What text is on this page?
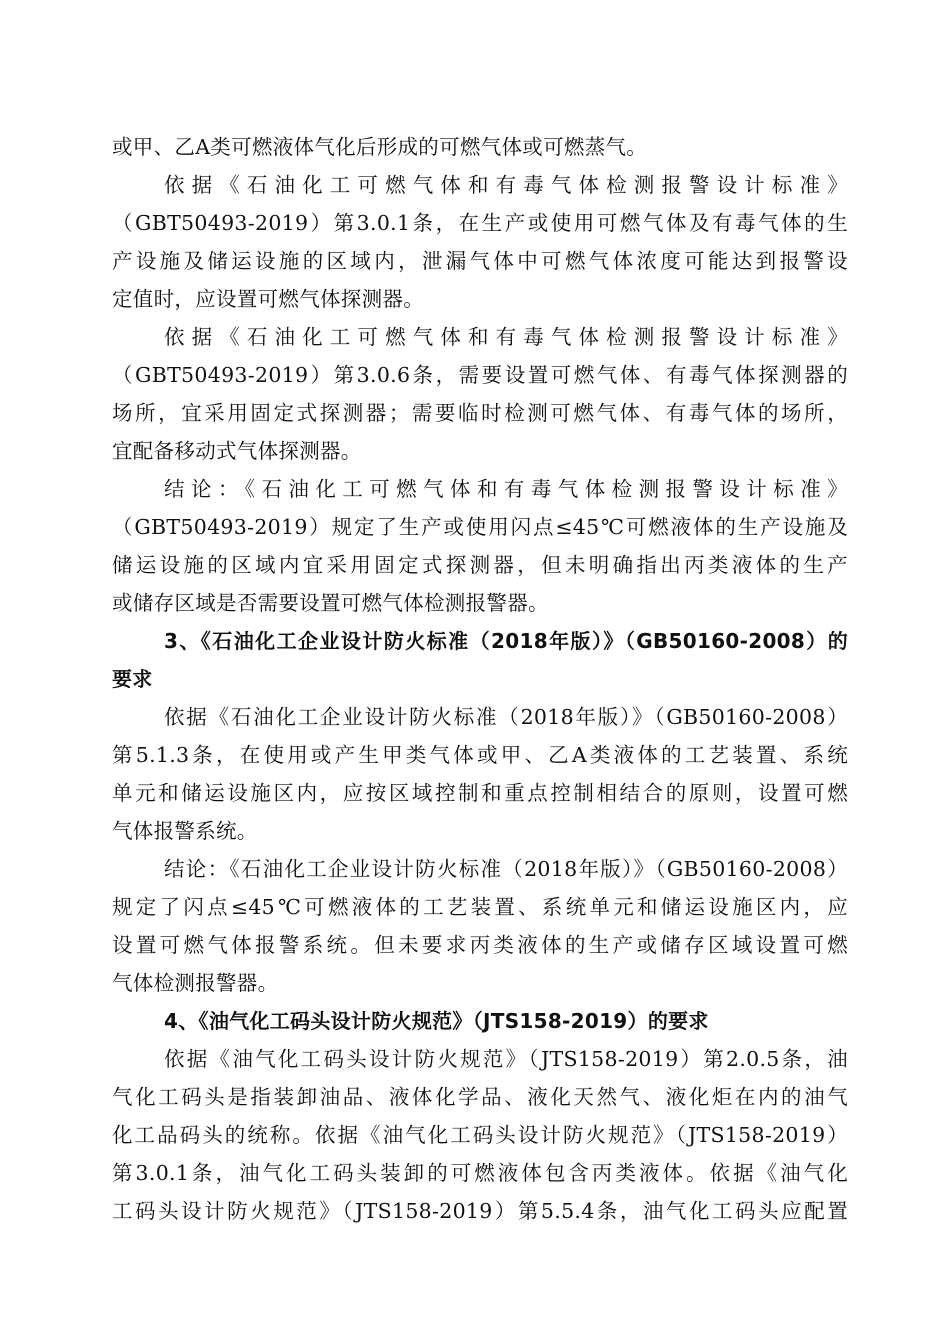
或甲、乙A类可燃液体气化后形成的可燃气体或可燃蒸气。
依据《石油化工可燃气体和有毒气体检测报警设计标准》
（GBT50493-2019）第3.0.1条，在生产或使用可燃气体及有毒气体的生
产设施及储运设施的区域内，泄漏气体中可燃气体浓度可能达到报警设
定值时，应设置可燃气体探测器。
依据《石油化工可燃气体和有毒气体检测报警设计标准》
（GBT50493-2019）第3.0.6条，需要设置可燃气体、有毒气体探测器的
场所，宜采用固定式探测器；需要临时检测可燃气体、有毒气体的场所，
宜配备移动式气体探测器。
结论：《石油化工可燃气体和有毒气体检测报警设计标准》
（GBT50493-2019）规定了生产或使用闪点≤45℃可燃液体的生产设施及
储运设施的区域内宜采用固定式探测器，但未明确指出丙类液体的生产
或储存区域是否需要设置可燃气体检测报警器。
3、《石油化工企业设计防火标准（2018年版）》（GB50160-2008）的
要求
依据《石油化工企业设计防火标准（2018年版）》（GB50160-2008）
第5.1.3条，在使用或产生甲类气体或甲、乙A类液体的工艺装置、系统
单元和储运设施区内，应按区域控制和重点控制相结合的原则，设置可燃
气体报警系统。
结论：《石油化工企业设计防火标准（2018年版）》（GB50160-2008）
规定了闪点≤45℃可燃液体的工艺装置、系统单元和储运设施区内，应
设置可燃气体报警系统。但未要求丙类液体的生产或储存区域设置可燃
气体检测报警器。
4、《油气化工码头设计防火规范》（JTS158-2019）的要求
依据《油气化工码头设计防火规范》（JTS158-2019）第2.0.5条，油
气化工码头是指装卸油品、液体化学品、液化天然气、液化炬在内的油气
化工品码头的统称。依据《油气化工码头设计防火规范》（JTS158-2019）
第3.0.1条，油气化工码头装卸的可燃液体包含丙类液体。依据《油气化
工码头设计防火规范》（JTS158-2019）第5.5.4条，油气化工码头应配置
